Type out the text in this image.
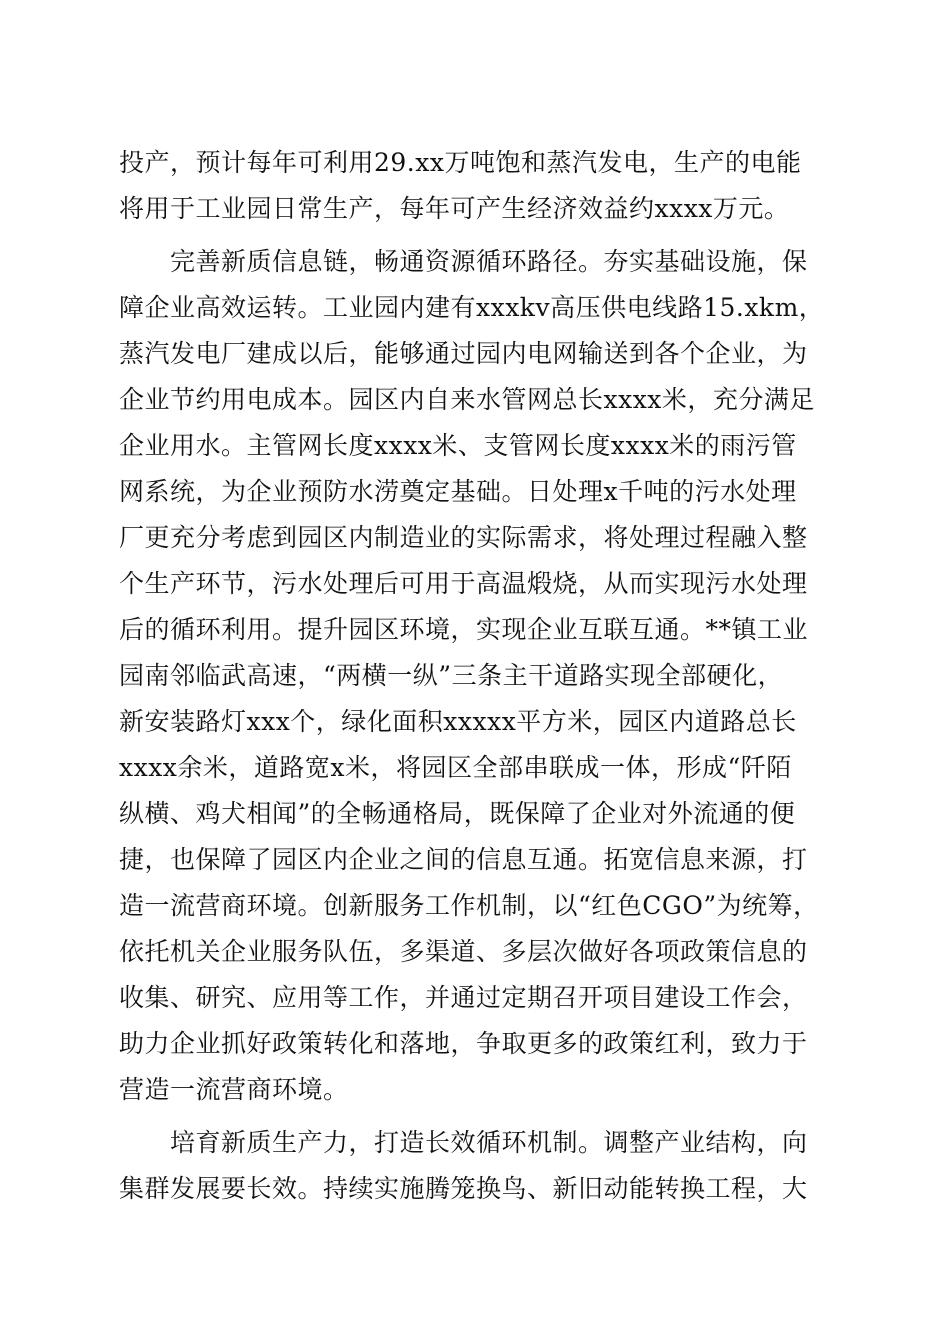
投产，预计每年可利用29.xx万吨饱和蒸汽发电，生产的电能
将用于工业园日常生产，每年可产生经济效益约xxxx万元。
完善新质信息链，畅通资源循环路径。夯实基础设施，保
障企业高效运转。工业园内建有xxxkv高压供电线路15.xkm，
蒸汽发电厂建成以后，能够通过园内电网输送到各个企业，为
企业节约用电成本。园区内自来水管网总长xxxx米，充分满足
企业用水。主管网长度xxxx米、支管网长度xxxx米的雨污管
网系统，为企业预防水涝奠定基础。日处理x千吨的污水处理
厂更充分考虑到园区内制造业的实际需求，将处理过程融入整
个生产环节，污水处理后可用于高温煅烧，从而实现污水处理
后的循环利用。提升园区环境，实现企业互联互通。**镇工业
园南邻临武高速，“两横一纵”三条主干道路实现全部硬化，
新安装路灯xxx个，绿化面积xxxxx平方米，园区内道路总长
xxxx余米，道路宽x米，将园区全部串联成一体，形成“阡陌
纵横、鸡犬相闻”的全畅通格局，既保障了企业对外流通的便
捷，也保障了园区内企业之间的信息互通。拓宽信息来源，打
造一流营商环境。创新服务工作机制，以“红色CGO”为统筹，
依托机关企业服务队伍，多渠道、多层次做好各项政策信息的
收集、研究、应用等工作，并通过定期召开项目建设工作会，
助力企业抓好政策转化和落地，争取更多的政策红利，致力于
营造一流营商环境。
培育新质生产力，打造长效循环机制。调整产业结构，向
集群发展要长效。持续实施腾笼换鸟、新旧动能转换工程，大
